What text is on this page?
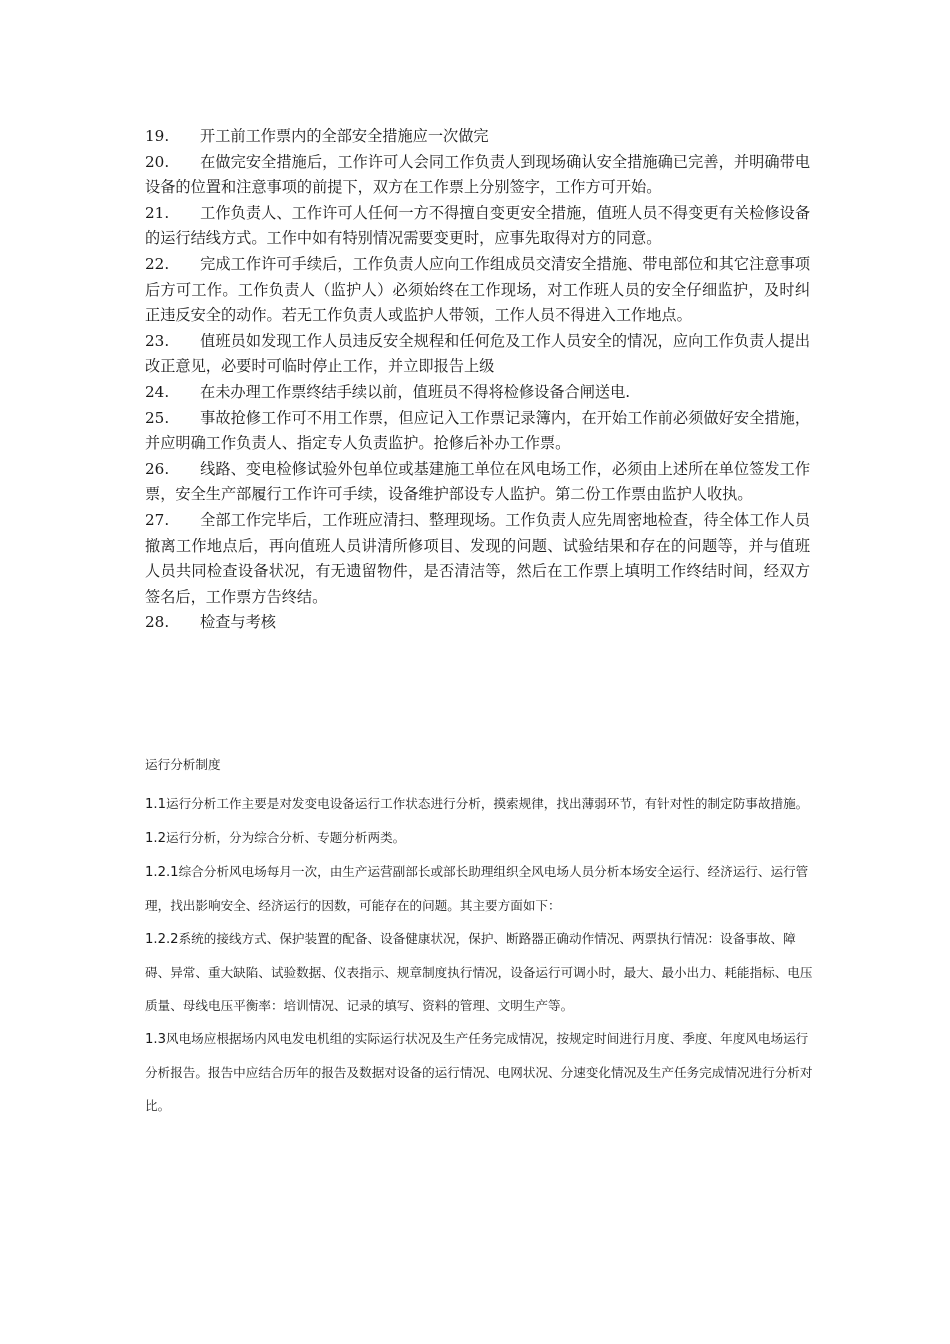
19. 开工前工作票内的全部安全措施应一次做完

20. 在做完安全措施后，工作许可人会同工作负责人到现场确认安全措施确已完善，并明确带电设备的位置和注意事项的前提下，双方在工作票上分别签字，工作方可开始。

21. 工作负责人、工作许可人任何一方不得擅自变更安全措施，值班人员不得变更有关检修设备的运行结线方式。工作中如有特别情况需要变更时，应事先取得对方的同意。

22. 完成工作许可手续后，工作负责人应向工作组成员交清安全措施、带电部位和其它注意事项后方可工作。工作负责人（监护人）必须始终在工作现场，对工作班人员的安全仔细监护，及时纠正违反安全的动作。若无工作负责人或监护人带领，工作人员不得进入工作地点。

23. 值班员如发现工作人员违反安全规程和任何危及工作人员安全的情况，应向工作负责人提出改正意见，必要时可临时停止工作，并立即报告上级

24. 在未办理工作票终结手续以前，值班员不得将检修设备合闸送电.

25. 事故抢修工作可不用工作票，但应记入工作票记录簿内，在开始工作前必须做好安全措施，并应明确工作负责人、指定专人负责监护。抢修后补办工作票。

26. 线路、变电检修试验外包单位或基建施工单位在风电场工作，必须由上述所在单位签发工作票，安全生产部履行工作许可手续，设备维护部设专人监护。第二份工作票由监护人收执。

27. 全部工作完毕后，工作班应清扫、整理现场。工作负责人应先周密地检查，待全体工作人员撤离工作地点后，再向值班人员讲清所修项目、发现的问题、试验结果和存在的问题等，并与值班人员共同检查设备状况，有无遗留物件，是否清洁等，然后在工作票上填明工作终结时间，经双方签名后，工作票方告终结。

28. 检查与考核

运行分析制度

1.1运行分析工作主要是对发变电设备运行工作状态进行分析，摸索规律，找出薄弱环节，有针对性的制定防事故措施。

1.2运行分析，分为综合分析、专题分析两类。

1.2.1综合分析风电场每月一次，由生产运营副部长或部长助理组织全风电场人员分析本场安全运行、经济运行、运行管理，找出影响安全、经济运行的因数，可能存在的问题。其主要方面如下：

1.2.2系统的接线方式、保护装置的配备、设备健康状况，保护、断路器正确动作情况、两票执行情况：设备事故、障碍、异常、重大缺陷、试验数据、仪表指示、规章制度执行情况，设备运行可调小时，最大、最小出力、耗能指标、电压质量、母线电压平衡率：培训情况、记录的填写、资料的管理、文明生产等。

1.3风电场应根据场内风电发电机组的实际运行状况及生产任务完成情况，按规定时间进行月度、季度、年度风电场运行分析报告。报告中应结合历年的报告及数据对设备的运行情况、电网状况、分速变化情况及生产任务完成情况进行分析对比。
